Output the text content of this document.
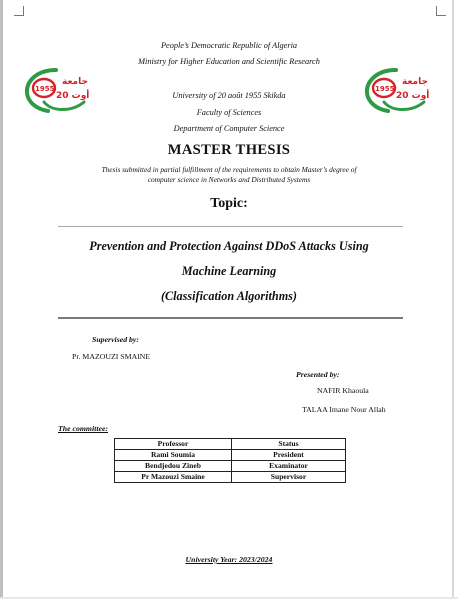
People’s Democratic Republic of Algeria
Ministry for Higher Education and Scientific Research
University of 20 août 1955 Skikda
Faculty of Sciences
Department of Computer Science
1955
جامعة
20 أوت
1955
جامعة
20 أوت
MASTER THESIS
Thesis submitted in partial fulfillment of the requirements to obtain Master’s degree of
computer science in Networks and Distributed Systems
Topic:
Prevention and Protection Against DDoS Attacks Using
Machine Learning
(Classification Algorithms)
Supervised by:
Pr. MAZOUZI SMAINE
Presented by:
NAFIR Khaoula
TALAA Imane Nour Allah
The committee:
Professor	Status
Rami Soumia	President
Bendjedou Zineb	Examinator
Pr Mazouzi Smaine	Supervisor
University Year: 2023/2024
